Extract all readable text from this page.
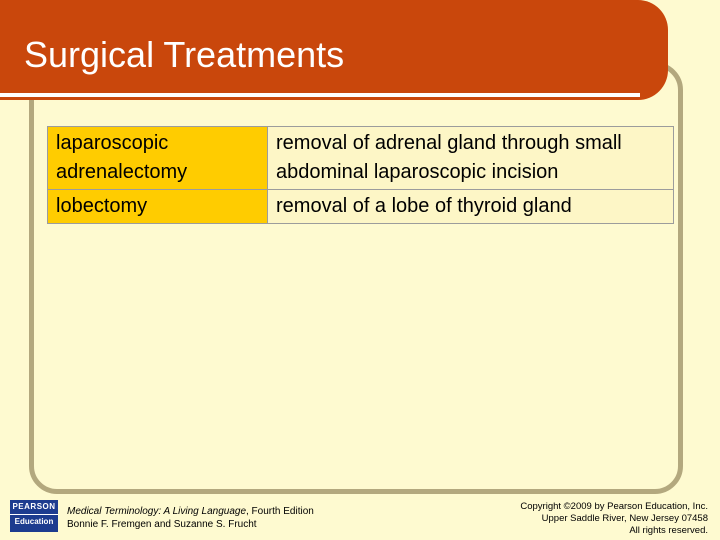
Surgical Treatments
laparoscopic adrenalectomy	removal of adrenal gland through small abdominal laparoscopic incision
lobectomy	removal of a lobe of thyroid gland
PEARSON
Education
Medical Terminology: A Living Language, Fourth Edition
Bonnie F. Fremgen and Suzanne S. Frucht
Copyright ©2009 by Pearson Education, Inc.
Upper Saddle River, New Jersey 07458
All rights reserved.
